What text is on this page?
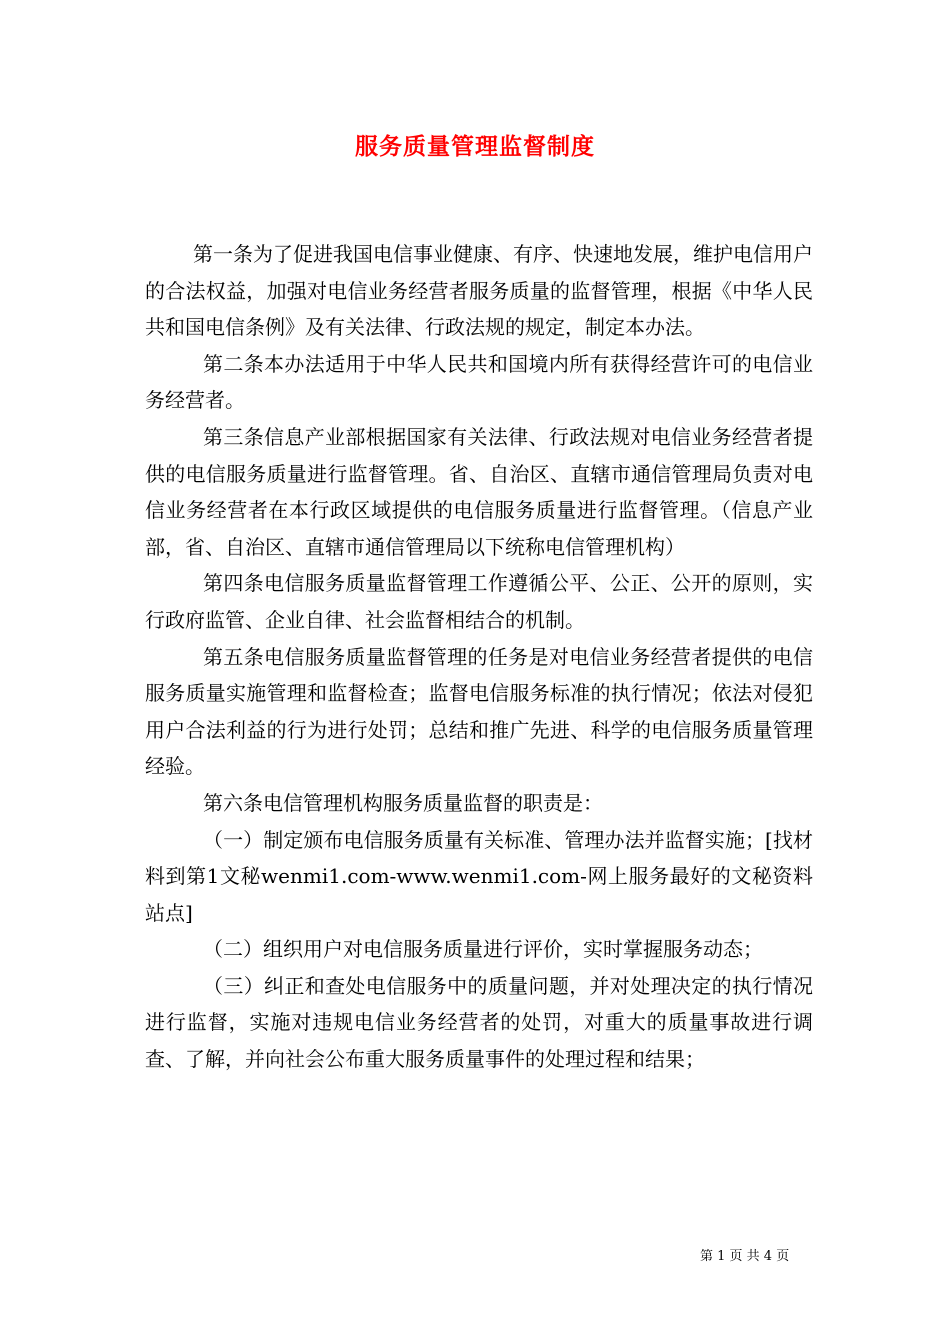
服务质量管理监督制度

第一条为了促进我国电信事业健康、有序、快速地发展，维护电信用户的合法权益，加强对电信业务经营者服务质量的监督管理，根据《中华人民共和国电信条例》及有关法律、行政法规的规定，制定本办法。

第二条本办法适用于中华人民共和国境内所有获得经营许可的电信业务经营者。

第三条信息产业部根据国家有关法律、行政法规对电信业务经营者提供的电信服务质量进行监督管理。省、自治区、直辖市通信管理局负责对电信业务经营者在本行政区域提供的电信服务质量进行监督管理。（信息产业部，省、自治区、直辖市通信管理局以下统称电信管理机构）

第四条电信服务质量监督管理工作遵循公平、公正、公开的原则，实行政府监管、企业自律、社会监督相结合的机制。

第五条电信服务质量监督管理的任务是对电信业务经营者提供的电信服务质量实施管理和监督检查；监督电信服务标准的执行情况；依法对侵犯用户合法利益的行为进行处罚；总结和推广先进、科学的电信服务质量管理经验。

第六条电信管理机构服务质量监督的职责是：

（一）制定颁布电信服务质量有关标准、管理办法并监督实施；[找材料到第1文秘wenmi1.com-www.wenmi1.com-网上服务最好的文秘资料站点]

（二）组织用户对电信服务质量进行评价，实时掌握服务动态；

（三）纠正和查处电信服务中的质量问题，并对处理决定的执行情况进行监督，实施对违规电信业务经营者的处罚，对重大的质量事故进行调查、了解，并向社会公布重大服务质量事件的处理过程和结果；

第 1 页 共 4 页
